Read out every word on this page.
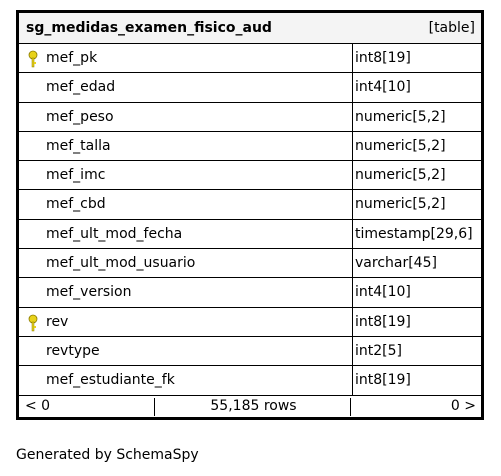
sg_medidas_examen_fisico_aud	[table]
mef_pk	int8[19]
mef_edad	int4[10]
mef_peso	numeric[5,2]
mef_talla	numeric[5,2]
mef_imc	numeric[5,2]
mef_cbd	numeric[5,2]
mef_ult_mod_fecha	timestamp[29,6]
mef_ult_mod_usuario	varchar[45]
mef_version	int4[10]
rev	int8[19]
revtype	int2[5]
mef_estudiante_fk	int8[19]
< 0	55,185 rows	0 >
Generated by SchemaSpy
